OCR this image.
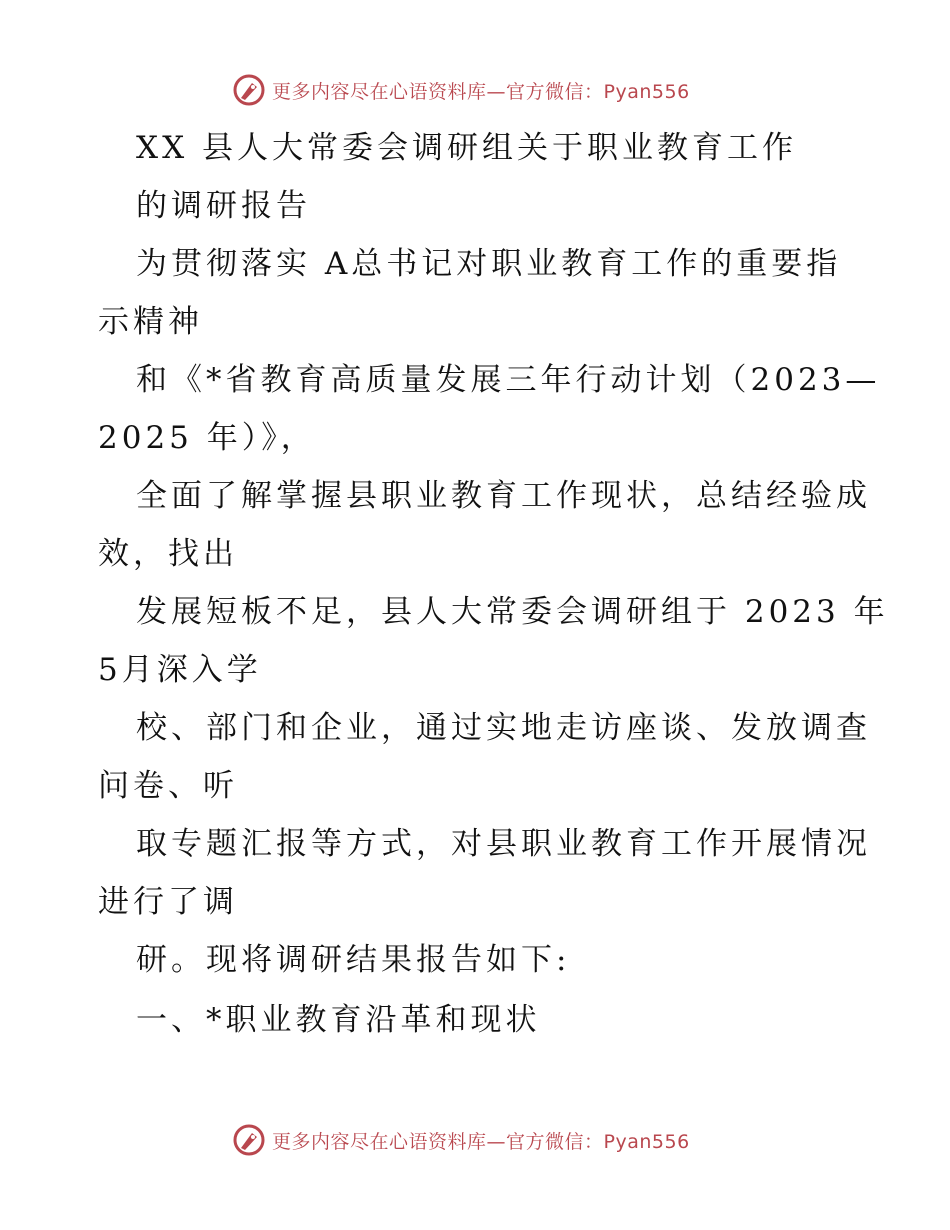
更多内容尽在心语资料库—官方微信：Pyan556
XX 县人大常委会调研组关于职业教育工作
的调研报告
为贯彻落实 A总书记对职业教育工作的重要指
示精神
和《*省教育高质量发展三年行动计划（2023—
2025 年）》，
全面了解掌握县职业教育工作现状，总结经验成
效，找出
发展短板不足，县人大常委会调研组于 2023 年
5月深入学
校、部门和企业，通过实地走访座谈、发放调查
问卷、听
取专题汇报等方式，对县职业教育工作开展情况
进行了调
研。现将调研结果报告如下:
一、*职业教育沿革和现状
更多内容尽在心语资料库—官方微信：Pyan556
